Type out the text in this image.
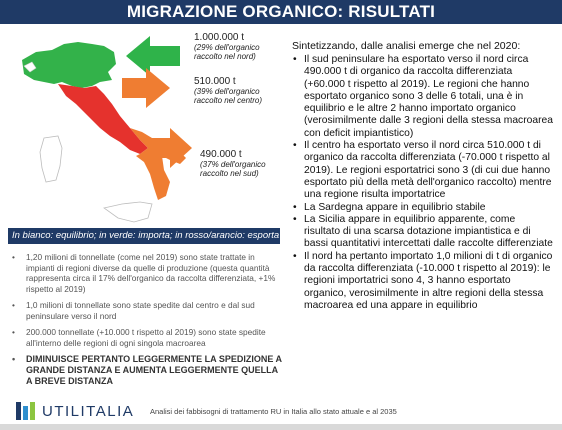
MIGRAZIONE ORGANICO: RISULTATI
1.000.000 t
(29% dell'organico raccolto nel nord)
510.000 t
(39% dell'organico raccolto nel centro)
490.000 t
(37% dell'organico raccolto nel sud)
In bianco: equilibrio; in verde: importa; in rosso/arancio: esporta
• 1,20 milioni di tonnellate (come nel 2019) sono state trattate in impianti di regioni diverse da quelle di produzione (questa quantità rappresenta circa il 17% dell'organico da raccolta differenziata, +1% rispetto al 2019)
• 1,0 milioni di tonnellate sono state spedite dal centro e dal sud peninsulare verso il nord
• 200.000 tonnellate (+10.000 t rispetto al 2019) sono state spedite all'interno delle regioni di ogni singola macroarea
• DIMINUISCE PERTANTO LEGGERMENTE LA SPEDIZIONE A GRANDE DISTANZA E AUMENTA LEGGERMENTE QUELLA A BREVE DISTANZA

Sintetizzando, dalle analisi emerge che nel 2020:

• Il sud peninsulare ha esportato verso il nord circa 490.000 t di organico da raccolta differenziata (+60.000 t rispetto al 2019). Le regioni che hanno esportato organico sono 3 delle 6 totali, una è in equilibrio e le altre 2 hanno importato organico (verosimilmente dalle 3 regioni della stessa macroarea con deficit impiantistico)
• Il centro ha esportato verso il nord circa 510.000 t di organico da raccolta differenziata (-70.000 t rispetto al 2019). Le regioni esportatrici sono 3 (di cui due hanno esportato più della metà dell'organico raccolto) mentre una regione risulta importatrice
• La Sardegna appare in equilibrio stabile
• La Sicilia appare in equilibrio apparente, come risultato di una scarsa dotazione impiantistica e di bassi quantitativi intercettati dalle raccolte differenziate
• Il nord ha pertanto importato 1,0 milioni di t di organico da raccolta differenziata (-10.000 t rispetto al 2019): le regioni importatrici sono 4, 3 hanno esportato organico, verosimilmente in altre regioni della stessa macroarea ed una appare in equilibrio
UTILITALIA Analisi dei fabbisogni di trattamento RU in Italia allo stato attuale e al 2035
